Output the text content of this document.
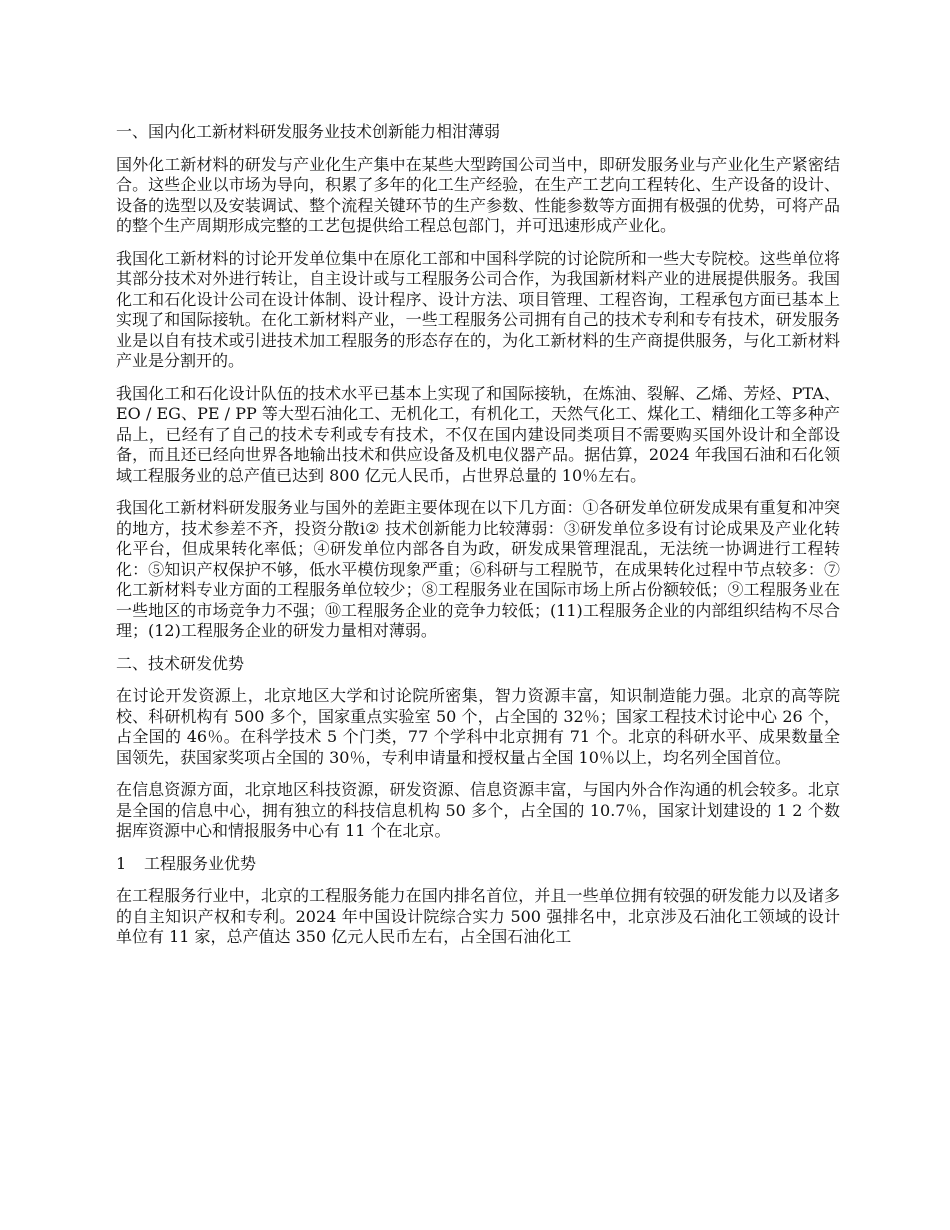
一、国内化工新材料研发服务业技术创新能力相泔薄弱

国外化工新材料的研发与产业化生产集中在某些大型跨国公司当中，即研发服务业与产业化生产紧密结合。这些企业以市场为导向，积累了多年的化工生产经验，在生产工艺向工程转化、生产设备的设计、设备的选型以及安装调试、整个流程关键环节的生产参数、性能参数等方面拥有极强的优势，可将产品的整个生产周期形成完整的工艺包提供给工程总包部门，并可迅速形成产业化。

我国化工新材料的讨论开发单位集中在原化工部和中国科学院的讨论院所和一些大专院校。这些单位将其部分技术对外进行转让，自主设计或与工程服务公司合作，为我国新材料产业的进展提供服务。我国化工和石化设计公司在设计体制、设计程序、设计方法、项目管理、工程咨询，工程承包方面已基本上实现了和国际接轨。在化工新材料产业，一些工程服务公司拥有自己的技术专利和专有技术，研发服务业是以自有技术或引进技术加工程服务的形态存在的，为化工新材料的生产商提供服务，与化工新材料产业是分割开的。

我国化工和石化设计队伍的技术水平已基本上实现了和国际接轨，在炼油、裂解、乙烯、芳烃、PTA、EO / EG、PE / PP 等大型石油化工、无机化工，有机化工，天然气化工、煤化工、精细化工等多种产品上，已经有了自己的技术专利或专有技术，不仅在国内建设同类项目不需要购买国外设计和全部设备，而且还已经向世界各地输出技术和供应设备及机电仪器产品。据估算，2024 年我国石油和石化领域工程服务业的总产值已达到 800 亿元人民币，占世界总量的 10％左右。

我国化工新材料研发服务业与国外的差距主要体现在以下几方面：①各研发单位研发成果有重复和冲突的地方，技术参差不齐，投资分散i② 技术创新能力比较薄弱：③研发单位多设有讨论成果及产业化转化平台，但成果转化率低；④研发单位内部各自为政，研发成果管理混乱，无法统一协调进行工程转化：⑤知识产权保护不够，低水平模仿现象严重；⑥科研与工程脱节，在成果转化过程中节点较多：⑦化工新材料专业方面的工程服务单位较少；⑧工程服务业在国际市场上所占份额较低；⑨工程服务业在一些地区的市场竞争力不强；⑩工程服务企业的竞争力较低；(11)工程服务企业的内部组织结构不尽合理；(12)工程服务企业的研发力量相对薄弱。

二、技术研发优势

在讨论开发资源上，北京地区大学和讨论院所密集，智力资源丰富，知识制造能力强。北京的高等院校、科研机构有 500 多个，国家重点实验室 50 个，占全国的 32％；国家工程技术讨论中心 26 个，占全国的 46％。在科学技术 5 个门类，77 个学科中北京拥有 71 个。北京的科研水平、成果数量全国领先，获国家奖项占全国的 30％，专利申请量和授权量占全国 10％以上，均名列全国首位。

在信息资源方面，北京地区科技资源，研发资源、信息资源丰富，与国内外合作沟通的机会较多。北京是全国的信息中心，拥有独立的科技信息机构 50 多个，占全国的 10.7％，国家计划建设的 1 2 个数据库资源中心和情报服务中心有 11 个在北京。

1 工程服务业优势

在工程服务行业中，北京的工程服务能力在国内排名首位，并且一些单位拥有较强的研发能力以及诸多的自主知识产权和专利。2024 年中国设计院综合实力 500 强排名中，北京涉及石油化工领域的设计单位有 11 家，总产值达 350 亿元人民币左右，占全国石油化工
